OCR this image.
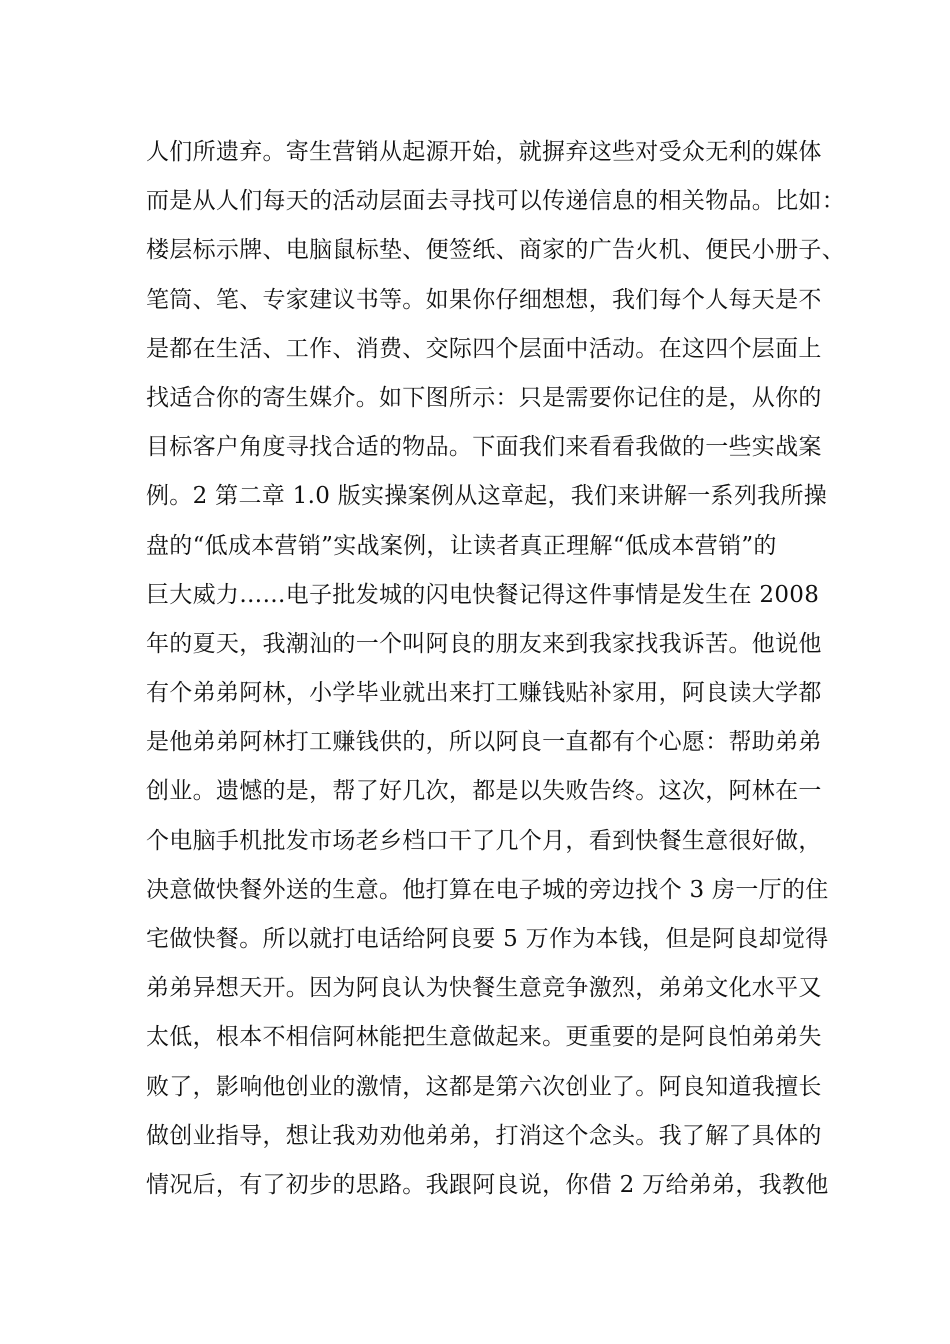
人们所遗弃。寄生营销从起源开始，就摒弃这些对受众无利的媒体
而是从人们每天的活动层面去寻找可以传递信息的相关物品。比如：
楼层标示牌、电脑鼠标垫、便签纸、商家的广告火机、便民小册子、
笔筒、笔、专家建议书等。如果你仔细想想，我们每个人每天是不
是都在生活、工作、消费、交际四个层面中活动。在这四个层面上
找适合你的寄生媒介。如下图所示：只是需要你记住的是，从你的
目标客户角度寻找合适的物品。下面我们来看看我做的一些实战案
例。2 第二章 1.0 版实操案例从这章起，我们来讲解一系列我所操
盘的“低成本营销”实战案例，让读者真正理解“低成本营销”的
巨大威力……电子批发城的闪电快餐记得这件事情是发生在 2008
年的夏天，我潮汕的一个叫阿良的朋友来到我家找我诉苦。他说他
有个弟弟阿林，小学毕业就出来打工赚钱贴补家用，阿良读大学都
是他弟弟阿林打工赚钱供的，所以阿良一直都有个心愿：帮助弟弟
创业。遗憾的是，帮了好几次，都是以失败告终。这次，阿林在一
个电脑手机批发市场老乡档口干了几个月，看到快餐生意很好做，
决意做快餐外送的生意。他打算在电子城的旁边找个 3 房一厅的住
宅做快餐。所以就打电话给阿良要 5 万作为本钱，但是阿良却觉得
弟弟异想天开。因为阿良认为快餐生意竞争激烈，弟弟文化水平又
太低，根本不相信阿林能把生意做起来。更重要的是阿良怕弟弟失
败了，影响他创业的激情，这都是第六次创业了。阿良知道我擅长
做创业指导，想让我劝劝他弟弟，打消这个念头。我了解了具体的
情况后，有了初步的思路。我跟阿良说，你借 2 万给弟弟，我教他
